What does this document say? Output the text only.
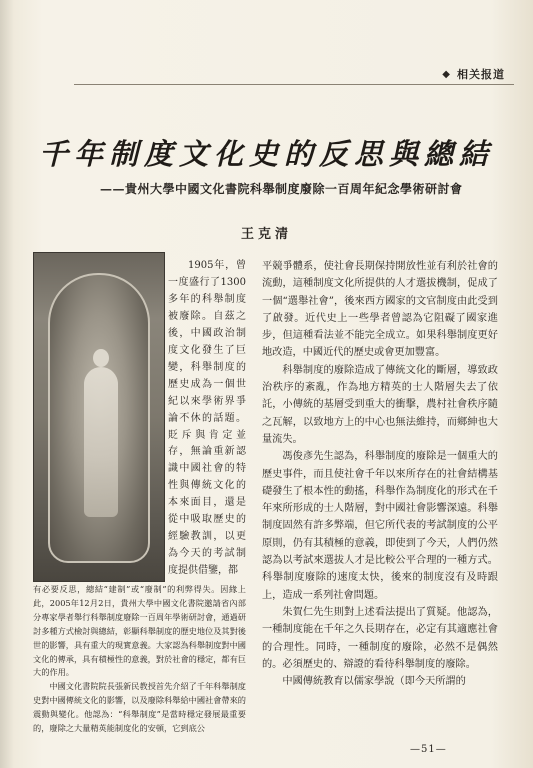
◆ 相关报道
千年制度文化史的反思與總結
——貴州大學中國文化書院科舉制度廢除一百周年紀念學術研討會
王克清

1905年，曾一度盛行了1300多年的科舉制度被廢除。自茲之後，中國政治制度文化發生了巨變，科舉制度的歷史成為一個世紀以來學術界爭論不休的話題。貶斥與肯定並存，無論重新認識中國社會的特性與傳統文化的本來面目，還是從中吸取歷史的經驗教訓，以更為今天的考試制度提供借鑒，都

有必要反思，總結“建制”或“廢制”的利弊得失。因緣上此，2005年12月2日，貴州大學中國文化書院邀請省內部分專家學者舉行科舉制度廢除一百周年學術研討會，通過研討多種方式檢討與總結，彰顯科舉制度的歷史地位及其對後世的影響，具有重大的現實意義。大家認為科舉制度對中國文化的傳承，具有積極性的意義，對於社會的穩定，都有巨大的作用。

中國文化書院院長張新民教授首先介紹了千年科舉制度史對中國傳統文化的影響，以及廢除科舉給中國社會帶來的震動與變化。他認為：“科舉制度”是當時穩定發展最重要的，廢除之大量精英能制度化的安頓，它到底公

平競爭體系，使社會長期保持開放性並有利於社會的流動，這種制度文化所提供的人才選拔機制，促成了一個“選舉社會”，後來西方國家的文官制度由此受到了啟發。近代史上一些學者曾認為它阻礙了國家進步，但這種看法並不能完全成立。如果科舉制度更好地改造，中國近代的歷史或會更加豐富。

科舉制度的廢除造成了傳統文化的斷層，導致政治秩序的紊亂，作為地方精英的士人階層失去了依託，小傳統的基層受到重大的衝擊，農村社會秩序隨之瓦解，以致地方上的中心也無法維持，而鄉紳也大量流失。

馮俊彥先生認為，科舉制度的廢除是一個重大的歷史事件，而且使社會千年以來所存在的社會結構基礎發生了根本性的動搖，科舉作為制度化的形式在千年來所形成的士人階層，對中國社會影響深遠。科舉制度固然有許多弊端，但它所代表的考試制度的公平原則，仍有其積極的意義，即使到了今天，人們仍然認為以考試來選拔人才是比較公平合理的一種方式。科舉制度廢除的速度太快，後來的制度沒有及時跟上，造成一系列社會問題。

朱賀仁先生則對上述看法提出了質疑。他認為，一種制度能在千年之久長期存在，必定有其適應社會的合理性。同時，一種制度的廢除，必然不是偶然的。必須歷史的、辯證的看待科舉制度的廢除。

中國傳統教育以儒家學說（即今天所謂的

—51—
